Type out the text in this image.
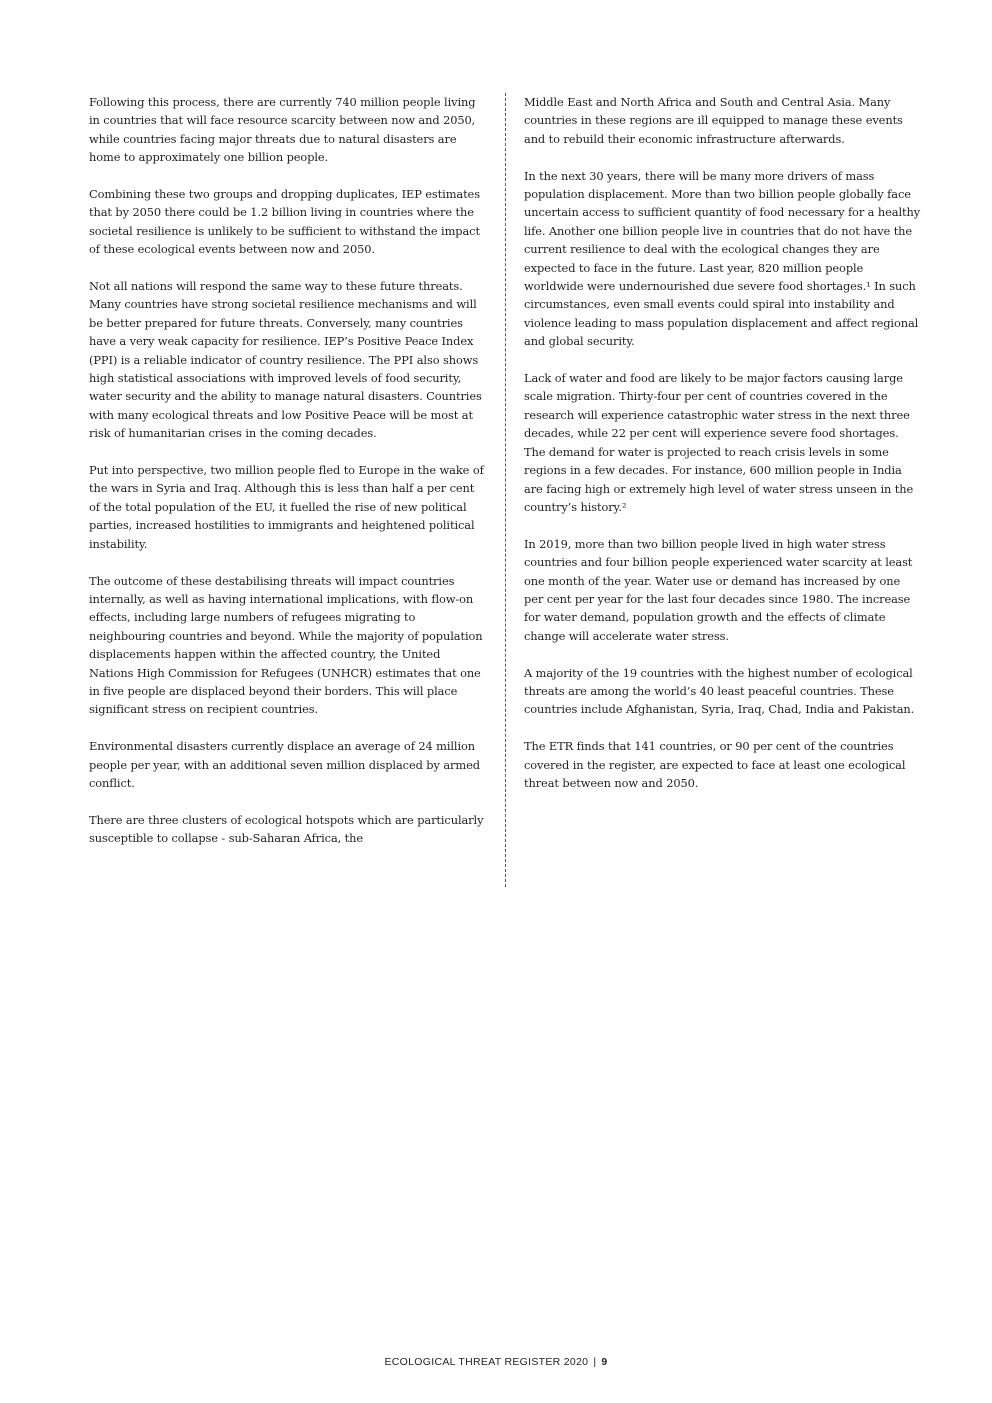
Following this process, there are currently 740 million people living in countries that will face resource scarcity between now and 2050, while countries facing major threats due to natural disasters are home to approximately one billion people.

Combining these two groups and dropping duplicates, IEP estimates that by 2050 there could be 1.2 billion living in countries where the societal resilience is unlikely to be sufficient to withstand the impact of these ecological events between now and 2050.

Not all nations will respond the same way to these future threats. Many countries have strong societal resilience mechanisms and will be better prepared for future threats. Conversely, many countries have a very weak capacity for resilience. IEP’s Positive Peace Index (PPI) is a reliable indicator of country resilience. The PPI also shows high statistical associations with improved levels of food security, water security and the ability to manage natural disasters. Countries with many ecological threats and low Positive Peace will be most at risk of humanitarian crises in the coming decades.

Put into perspective, two million people fled to Europe in the wake of the wars in Syria and Iraq. Although this is less than half a per cent of the total population of the EU, it fuelled the rise of new political parties, increased hostilities to immigrants and heightened political instability.

The outcome of these destabilising threats will impact countries internally, as well as having international implications, with flow-on effects, including large numbers of refugees migrating to neighbouring countries and beyond. While the majority of population displacements happen within the affected country, the United Nations High Commission for Refugees (UNHCR) estimates that one in five people are displaced beyond their borders. This will place significant stress on recipient countries.

Environmental disasters currently displace an average of 24 million people per year, with an additional seven million displaced by armed conflict.

There are three clusters of ecological hotspots which are particularly susceptible to collapse - sub-Saharan Africa, the

Middle East and North Africa and South and Central Asia. Many countries in these regions are ill equipped to manage these events and to rebuild their economic infrastructure afterwards.

In the next 30 years, there will be many more drivers of mass population displacement. More than two billion people globally face uncertain access to sufficient quantity of food necessary for a healthy life. Another one billion people live in countries that do not have the current resilience to deal with the ecological changes they are expected to face in the future. Last year, 820 million people worldwide were undernourished due severe food shortages.¹ In such circumstances, even small events could spiral into instability and violence leading to mass population displacement and affect regional and global security.

Lack of water and food are likely to be major factors causing large scale migration. Thirty-four per cent of countries covered in the research will experience catastrophic water stress in the next three decades, while 22 per cent will experience severe food shortages. The demand for water is projected to reach crisis levels in some regions in a few decades. For instance, 600 million people in India are facing high or extremely high level of water stress unseen in the country’s history.²

In 2019, more than two billion people lived in high water stress countries and four billion people experienced water scarcity at least one month of the year. Water use or demand has increased by one per cent per year for the last four decades since 1980. The increase for water demand, population growth and the effects of climate change will accelerate water stress.

A majority of the 19 countries with the highest number of ecological threats are among the world’s 40 least peaceful countries. These countries include Afghanistan, Syria, Iraq, Chad, India and Pakistan.

The ETR finds that 141 countries, or 90 per cent of the countries covered in the register, are expected to face at least one ecological threat between now and 2050.

ECOLOGICAL THREAT REGISTER 2020 | 9
